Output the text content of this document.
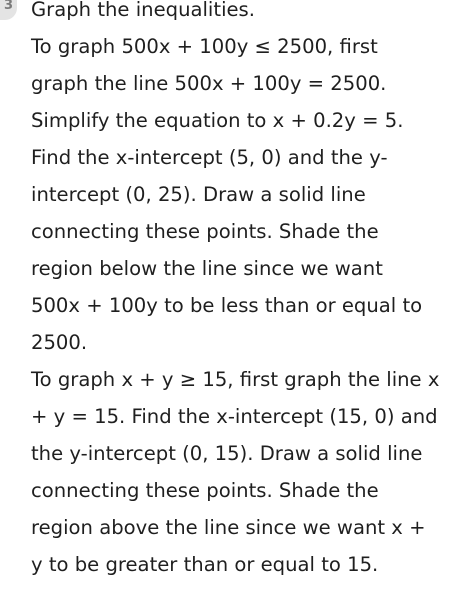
3 Graph the inequalities.
To graph 500x + 100y ≤ 2500, first
graph the line 500x + 100y = 2500.
Simplify the equation to x + 0.2y = 5.
Find the x-intercept (5, 0) and the y-
intercept (0, 25). Draw a solid line
connecting these points. Shade the
region below the line since we want
500x + 100y to be less than or equal to
2500.
To graph x + y ≥ 15, first graph the line x
+ y = 15. Find the x-intercept (15, 0) and
the y-intercept (0, 15). Draw a solid line
connecting these points. Shade the
region above the line since we want x +
y to be greater than or equal to 15.
